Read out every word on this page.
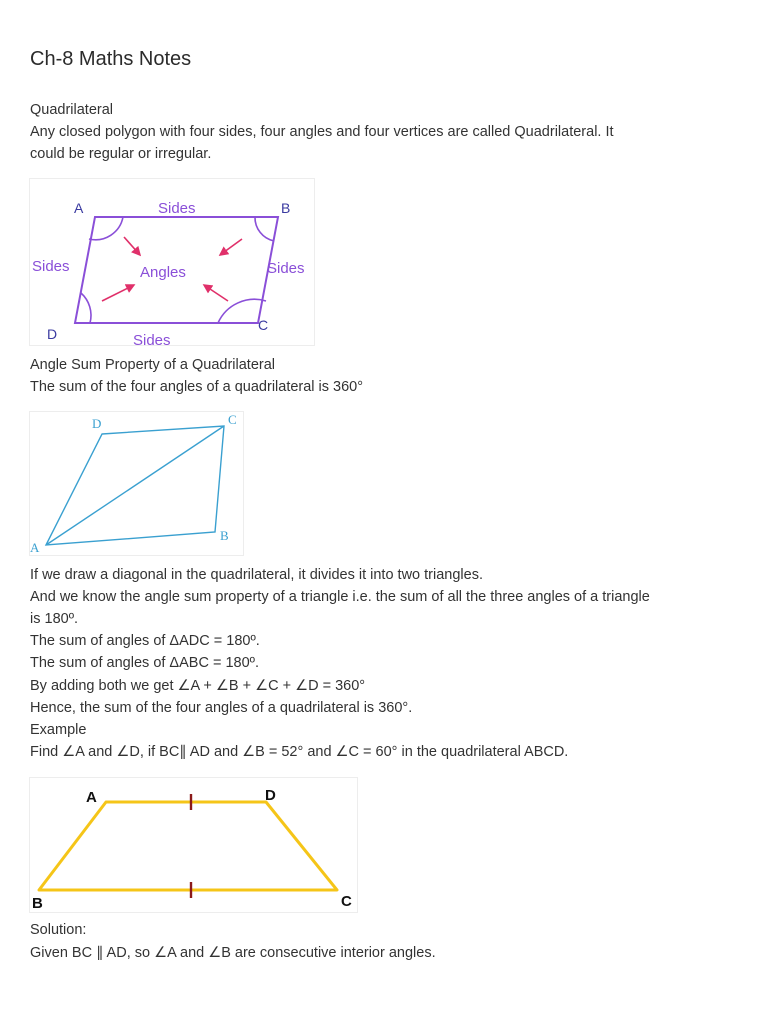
Ch-8 Maths Notes
Quadrilateral
Any closed polygon with four sides, four angles and four vertices are called Quadrilateral. It
could be regular or irregular.
A	B
C
D
Sides
Sides	Sides
Sides
Angles
Angle Sum Property of a Quadrilateral
The sum of the four angles of a quadrilateral is 360°
A
B
C
D
If we draw a diagonal in the quadrilateral, it divides it into two triangles.
And we know the angle sum property of a triangle i.e. the sum of all the three angles of a triangle
is 180º.
The sum of angles of ΔADC = 180º.
The sum of angles of ΔABC = 180º.
By adding both we get ∠A + ∠B + ∠C + ∠D = 360°
Hence, the sum of the four angles of a quadrilateral is 360°.
Example
Find ∠A and ∠D, if BC∥ AD and ∠B = 52° and ∠C = 60° in the quadrilateral ABCD.
A	D
B	C
Solution:
Given BC ∥ AD, so ∠A and ∠B are consecutive interior angles.
